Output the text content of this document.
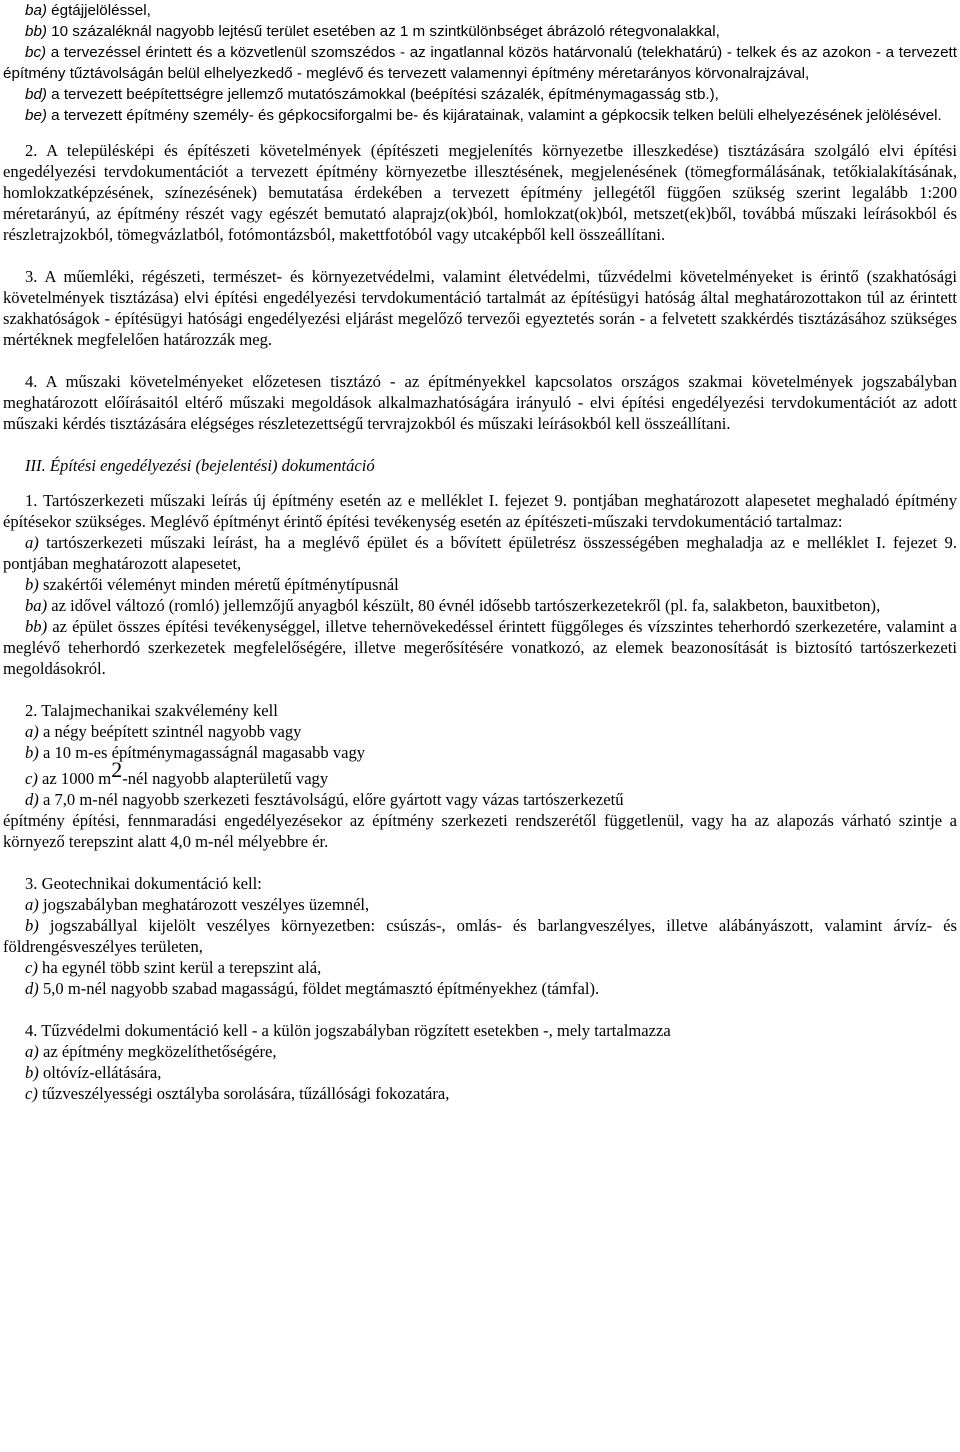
ba) égtájjelöléssel,

bb) 10 százaléknál nagyobb lejtésű terület esetében az 1 m szintkülönbséget ábrázoló rétegvonalakkal,

bc) a tervezéssel érintett és a közvetlenül szomszédos - az ingatlannal közös határvonalú (telekhatárú) - telkek és az azokon - a tervezett építmény tűztávolságán belül elhelyezkedő - meglévő és tervezett valamennyi építmény méretarányos körvonalrajzával,

bd) a tervezett beépítettségre jellemző mutatószámokkal (beépítési százalék, építménymagasság stb.),

be) a tervezett építmény személy- és gépkocsiforgalmi be- és kijáratainak, valamint a gépkocsik telken belüli elhelyezésének jelölésével.

2. A településképi és építészeti követelmények (építészeti megjelenítés környezetbe illeszkedése) tisztázására szolgáló elvi építési engedélyezési tervdokumentációt a tervezett építmény környezetbe illesztésének, megjelenésének (tömegformálásának, tetőkialakításának, homlokzatképzésének, színezésének) bemutatása érdekében a tervezett építmény jellegétől függően szükség szerint legalább 1:200 méretarányú, az építmény részét vagy egészét bemutató alaprajz(ok)ból, homlokzat(ok)ból, metszet(ek)ből, továbbá műszaki leírásokból és részletrajzokból, tömegvázlatból, fotómontázsból, makettfotóból vagy utcaképből kell összeállítani.

3. A műemléki, régészeti, természet- és környezetvédelmi, valamint életvédelmi, tűzvédelmi követelményeket is érintő (szakhatósági követelmények tisztázása) elvi építési engedélyezési tervdokumentáció tartalmát az építésügyi hatóság által meghatározottakon túl az érintett szakhatóságok - építésügyi hatósági engedélyezési eljárást megelőző tervezői egyeztetés során - a felvetett szakkérdés tisztázásához szükséges mértéknek megfelelően határozzák meg.

4. A műszaki követelményeket előzetesen tisztázó - az építményekkel kapcsolatos országos szakmai követelmények jogszabályban meghatározott előírásaitól eltérő műszaki megoldások alkalmazhatóságára irányuló - elvi építési engedélyezési tervdokumentációt az adott műszaki kérdés tisztázására elégséges részletezettségű tervrajzokból és műszaki leírásokból kell összeállítani.

III. Építési engedélyezési (bejelentési) dokumentáció

1. Tartószerkezeti műszaki leírás új építmény esetén az e melléklet I. fejezet 9. pontjában meghatározott alapesetet meghaladó építmény építésekor szükséges. Meglévő építményt érintő építési tevékenység esetén az építészeti-műszaki tervdokumentáció tartalmaz:

a) tartószerkezeti műszaki leírást, ha a meglévő épület és a bővített épületrész összességében meghaladja az e melléklet I. fejezet 9. pontjában meghatározott alapesetet,

b) szakértői véleményt minden méretű építménytípusnál

ba) az idővel változó (romló) jellemzőjű anyagból készült, 80 évnél idősebb tartószerkezetekről (pl. fa, salakbeton, bauxitbeton),

bb) az épület összes építési tevékenységgel, illetve tehernövekedéssel érintett függőleges és vízszintes teherhordó szerkezetére, valamint a meglévő teherhordó szerkezetek megfelelőségére, illetve megerősítésére vonatkozó, az elemek beazonosítását is biztosító tartószerkezeti megoldásokról.

2. Talajmechanikai szakvélemény kell

a) a négy beépített szintnél nagyobb vagy

b) a 10 m-es építménymagasságnál magasabb vagy

c) az 1000 m2-nél nagyobb alapterületű vagy

d) a 7,0 m-nél nagyobb szerkezeti fesztávolságú, előre gyártott vagy vázas tartószerkezetű

építmény építési, fennmaradási engedélyezésekor az építmény szerkezeti rendszerétől függetlenül, vagy ha az alapozás várható szintje a környező terepszint alatt 4,0 m-nél mélyebbre ér.

3. Geotechnikai dokumentáció kell:

a) jogszabályban meghatározott veszélyes üzemnél,

b) jogszabállyal kijelölt veszélyes környezetben: csúszás-, omlás- és barlangveszélyes, illetve alábányászott, valamint árvíz- és földrengésveszélyes területen,

c) ha egynél több szint kerül a terepszint alá,

d) 5,0 m-nél nagyobb szabad magasságú, földet megtámasztó építményekhez (támfal).

4. Tűzvédelmi dokumentáció kell - a külön jogszabályban rögzített esetekben -, mely tartalmazza

a) az építmény megközelíthetőségére,

b) oltóvíz-ellátására,

c) tűzveszélyességi osztályba sorolására, tűzállósági fokozatára,
